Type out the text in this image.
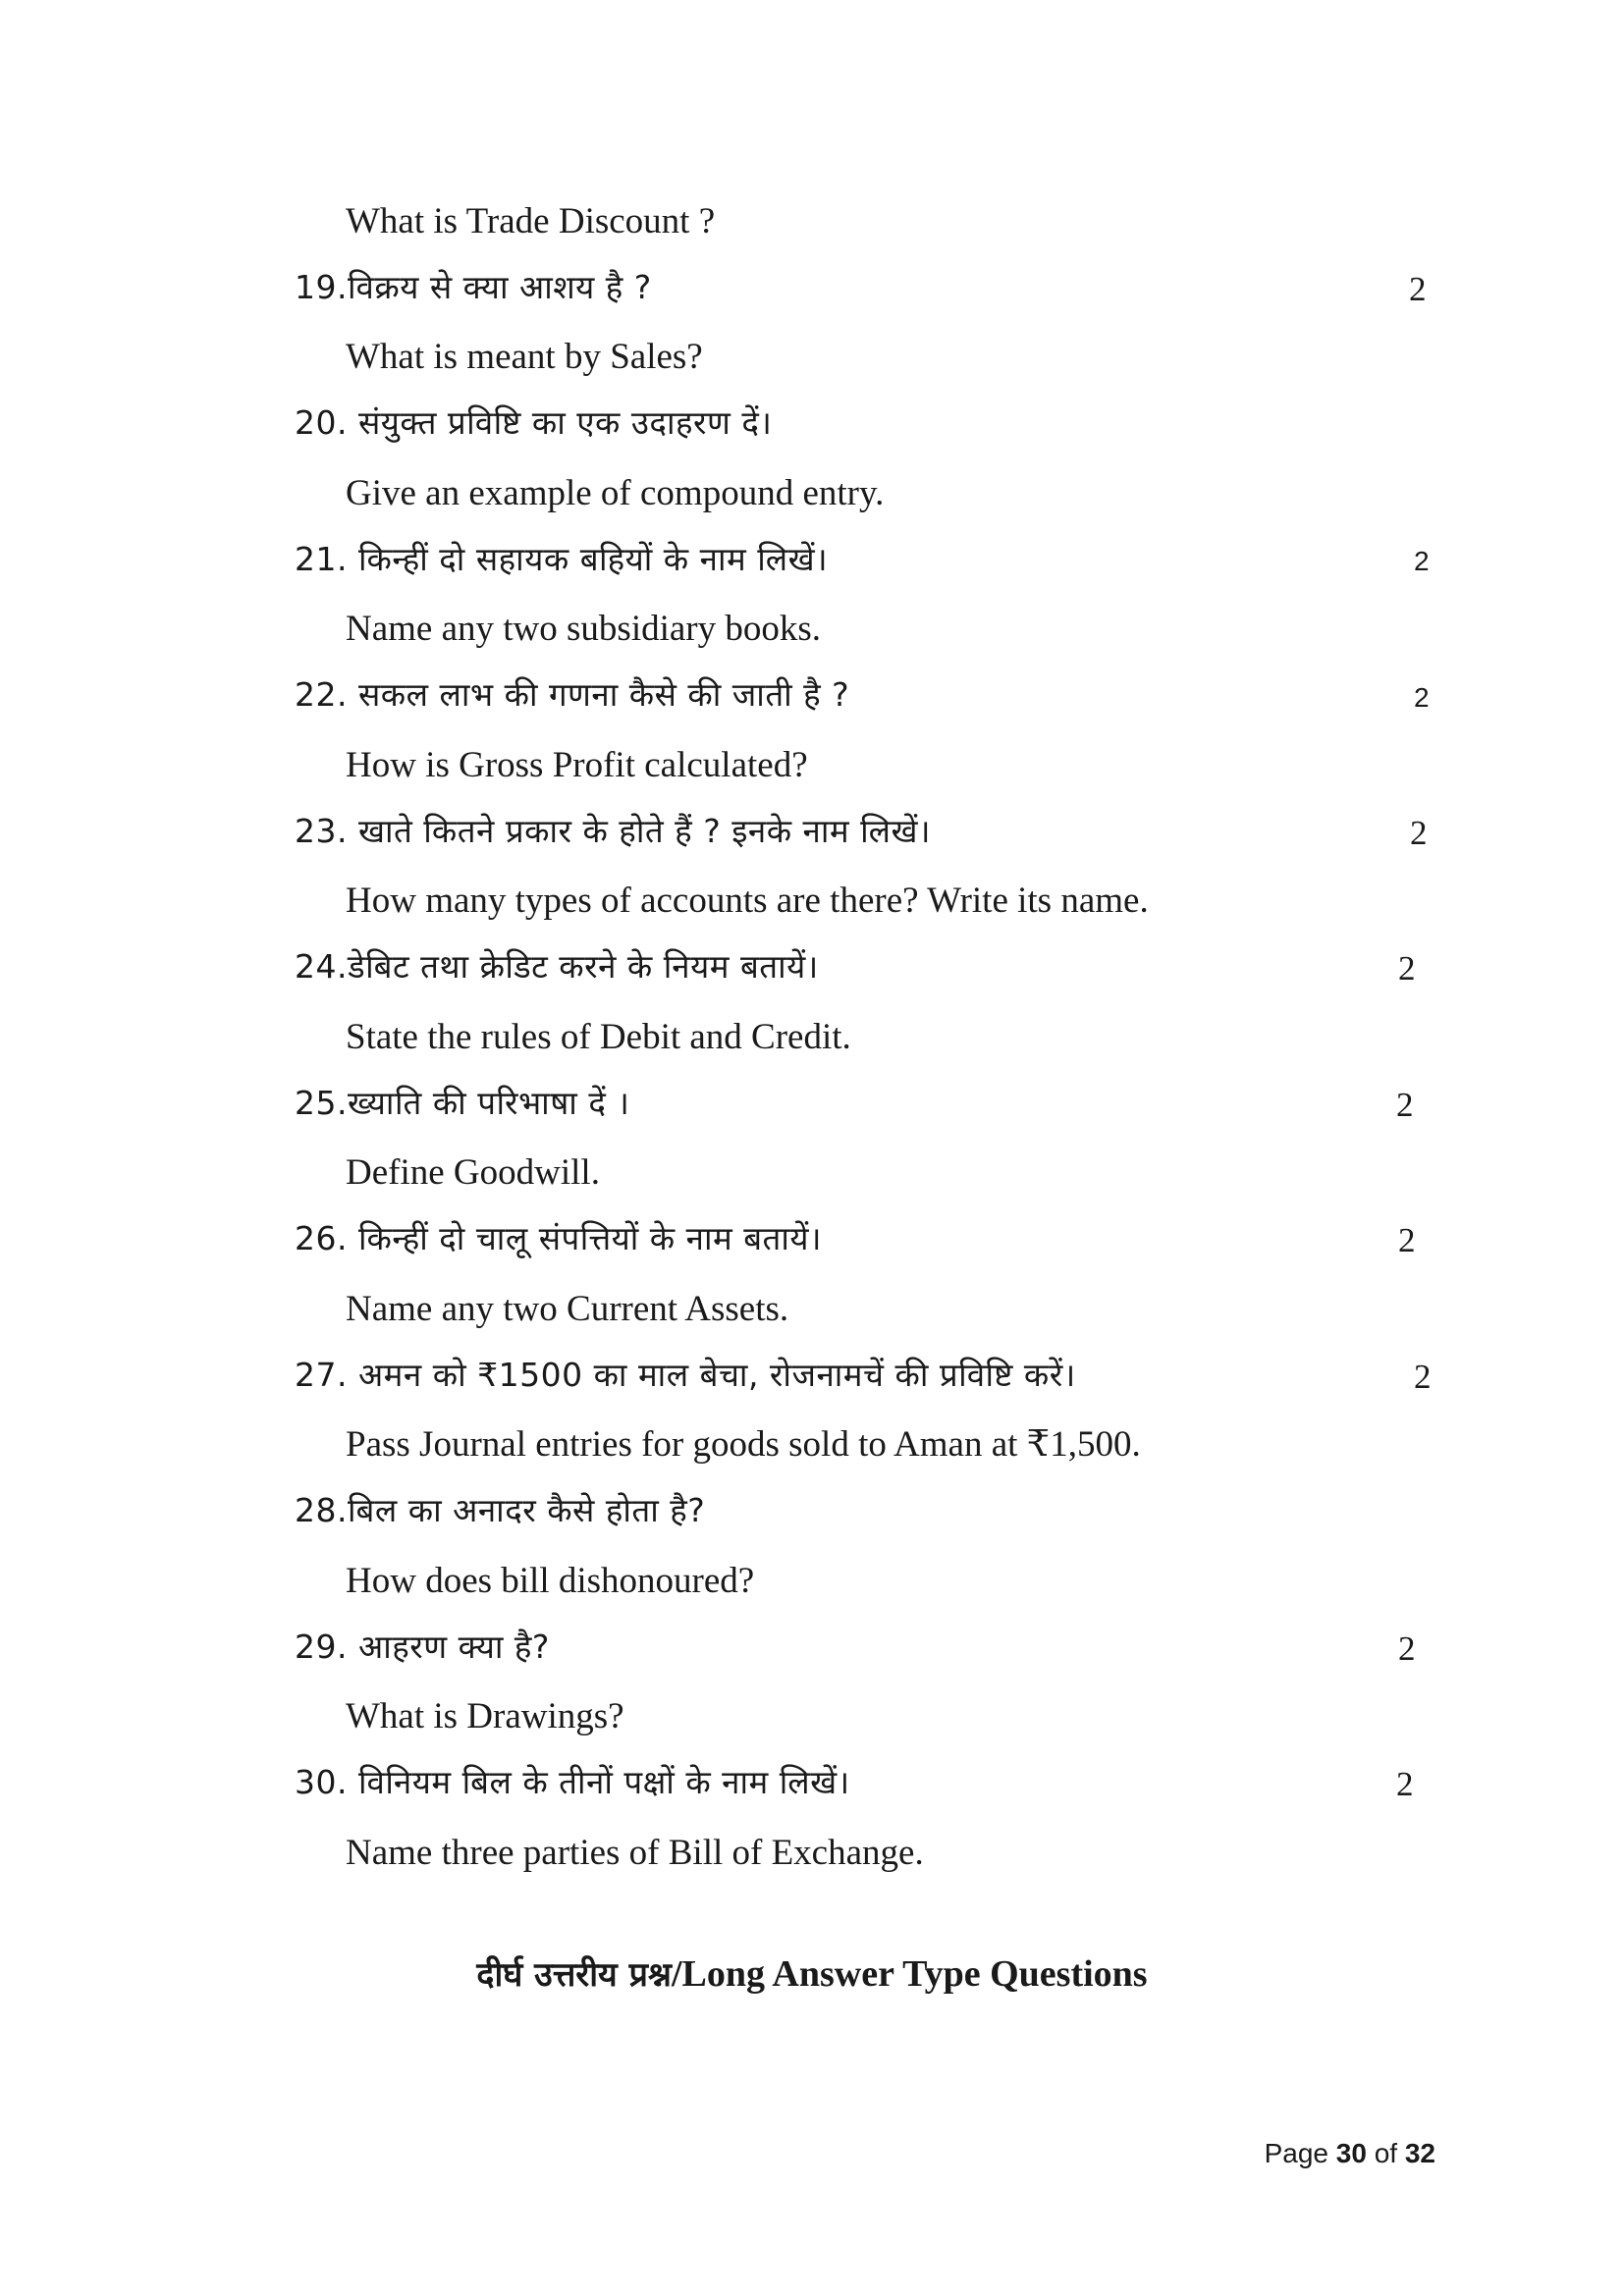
What is Trade Discount ?
19.विक्रय से क्या आशय है ?	2
What is meant by Sales?
20. संयुक्त प्रविष्टि का एक उदाहरण दें।
Give an example of compound entry.
21. किन्हीं दो सहायक बहियों के नाम लिखें।	2
Name any two subsidiary books.
22. सकल लाभ की गणना कैसे की जाती है ?	2
How is Gross Profit calculated?
23. खाते कितने प्रकार के होते हैं ? इनके नाम लिखें।	2
How many types of accounts are there? Write its name.
24.डेबिट तथा क्रेडिट करने के नियम बतायें।	2
State the rules of Debit and Credit.
25.ख्याति की परिभाषा दें ।	2
Define Goodwill.
26. किन्हीं दो चालू संपत्तियों के नाम बतायें।	2
Name any two Current Assets.
27. अमन को ₹1500 का माल बेचा, रोजनामचें की प्रविष्टि करें।	2
Pass Journal entries for goods sold to Aman at ₹1,500.
28.बिल का अनादर कैसे होता है?
How does bill dishonoured?
29. आहरण क्या है?	2
What is Drawings?
30. विनियम बिल के तीनों पक्षों के नाम लिखें।	2
Name three parties of Bill of Exchange.
दीर्घ उत्तरीय प्रश्न/Long Answer Type Questions
Page 30 of 32
